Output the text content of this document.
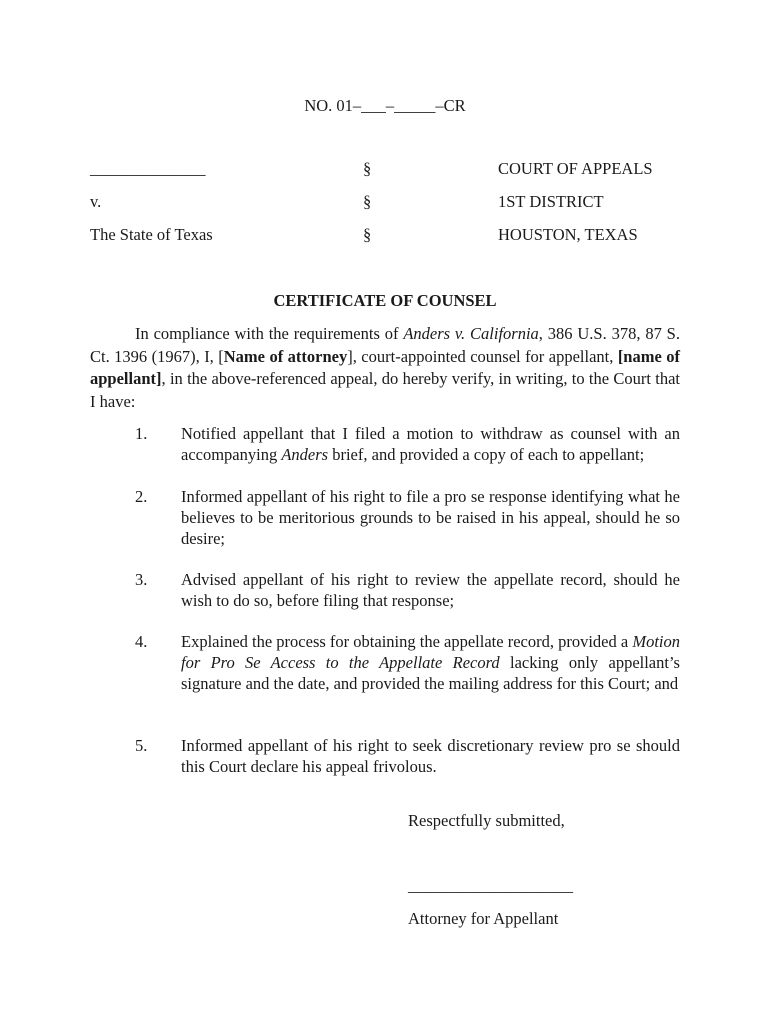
NO. 01–___–_____–CR
______________	§	COURT OF APPEALS
v.	§	1ST DISTRICT
The State of Texas	§	HOUSTON, TEXAS
CERTIFICATE OF COUNSEL

In compliance with the requirements of Anders v. California, 386 U.S. 378, 87 S. Ct. 1396 (1967), I, [Name of attorney], court-appointed counsel for appellant, [name of appellant], in the above-referenced appeal, do hereby verify, in writing, to the Court that I have:

1. Notified appellant that I filed a motion to withdraw as counsel with an accompanying Anders brief, and provided a copy of each to appellant;
2. Informed appellant of his right to file a pro se response identifying what he believes to be meritorious grounds to be raised in his appeal, should he so desire;
3. Advised appellant of his right to review the appellate record, should he wish to do so, before filing that response;
4. Explained the process for obtaining the appellate record, provided a Motion for Pro Se Access to the Appellate Record lacking only appellant’s signature and the date, and provided the mailing address for this Court; and
5. Informed appellant of his right to seek discretionary review pro se should this Court declare his appeal frivolous.
Respectfully submitted,
____________________
Attorney for Appellant
